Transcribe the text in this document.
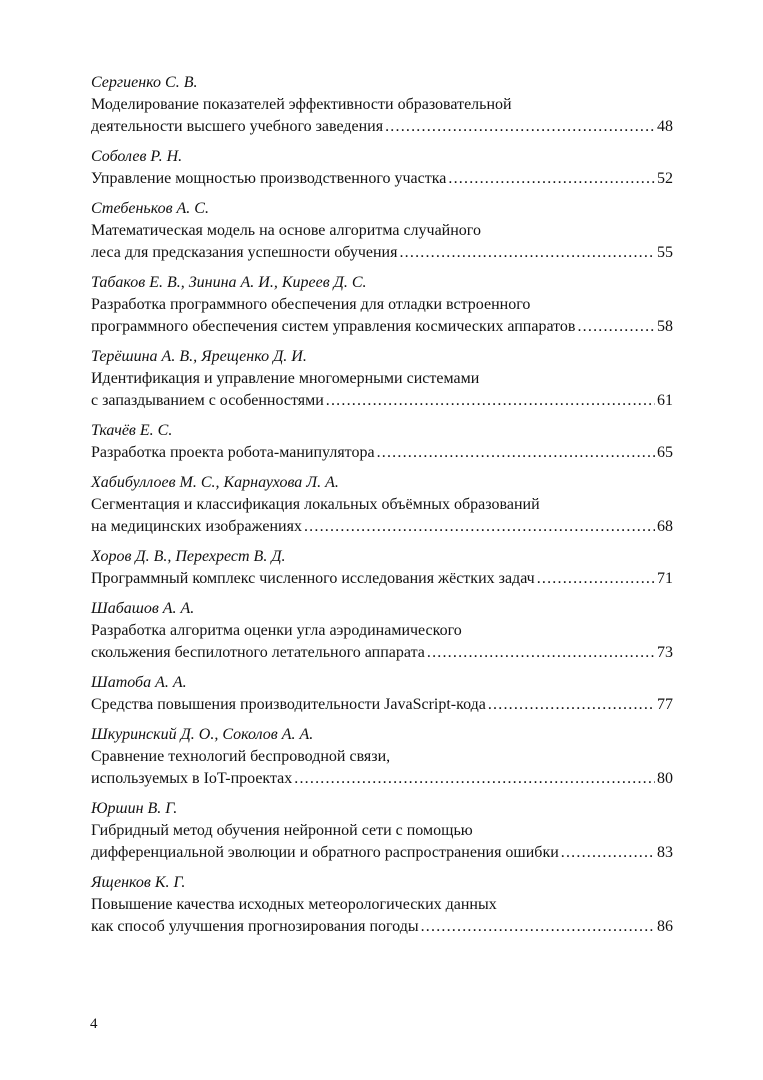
Сергиенко С. В.
Моделирование показателей эффективности образовательной
деятельности высшего учебного заведения . . .	48
Соболев Р. Н.
Управление мощностью производственного участка . . .	52
Стебеньков А. С.
Математическая модель на основе алгоритма случайного
леса для предсказания успешности обучения . . .	55
Табаков Е. В., Зинина А. И., Киреев Д. С.
Разработка программного обеспечения для отладки встроенного
программного обеспечения систем управления космических аппаратов . . .	58
Терёшина А. В., Ярещенко Д. И.
Идентификация и управление многомерными системами
с запаздыванием с особенностями . . .	61
Ткачёв Е. С.
Разработка проекта робота-манипулятора . . .	65
Хабибуллоев М. С., Карнаухова Л. А.
Сегментация и классификация локальных объёмных образований
на медицинских изображениях . . .	68
Хоров Д. В., Перехрест В. Д.
Программный комплекс численного исследования жёстких задач . . .	71
Шабашов А. А.
Разработка алгоритма оценки угла аэродинамического
скольжения беспилотного летательного аппарата . . .	73
Шатоба А. А.
Средства повышения производительности JavaScript-кода . . .	77
Шкуринский Д. О., Соколов А. А.
Сравнение технологий беспроводной связи,
используемых в IoT-проектах . . .	80
Юршин В. Г.
Гибридный метод обучения нейронной сети с помощью
дифференциальной эволюции и обратного распространения ошибки . . .	83
Ященков К. Г.
Повышение качества исходных метеорологических данных
как способ улучшения прогнозирования погоды . . .	86
4
